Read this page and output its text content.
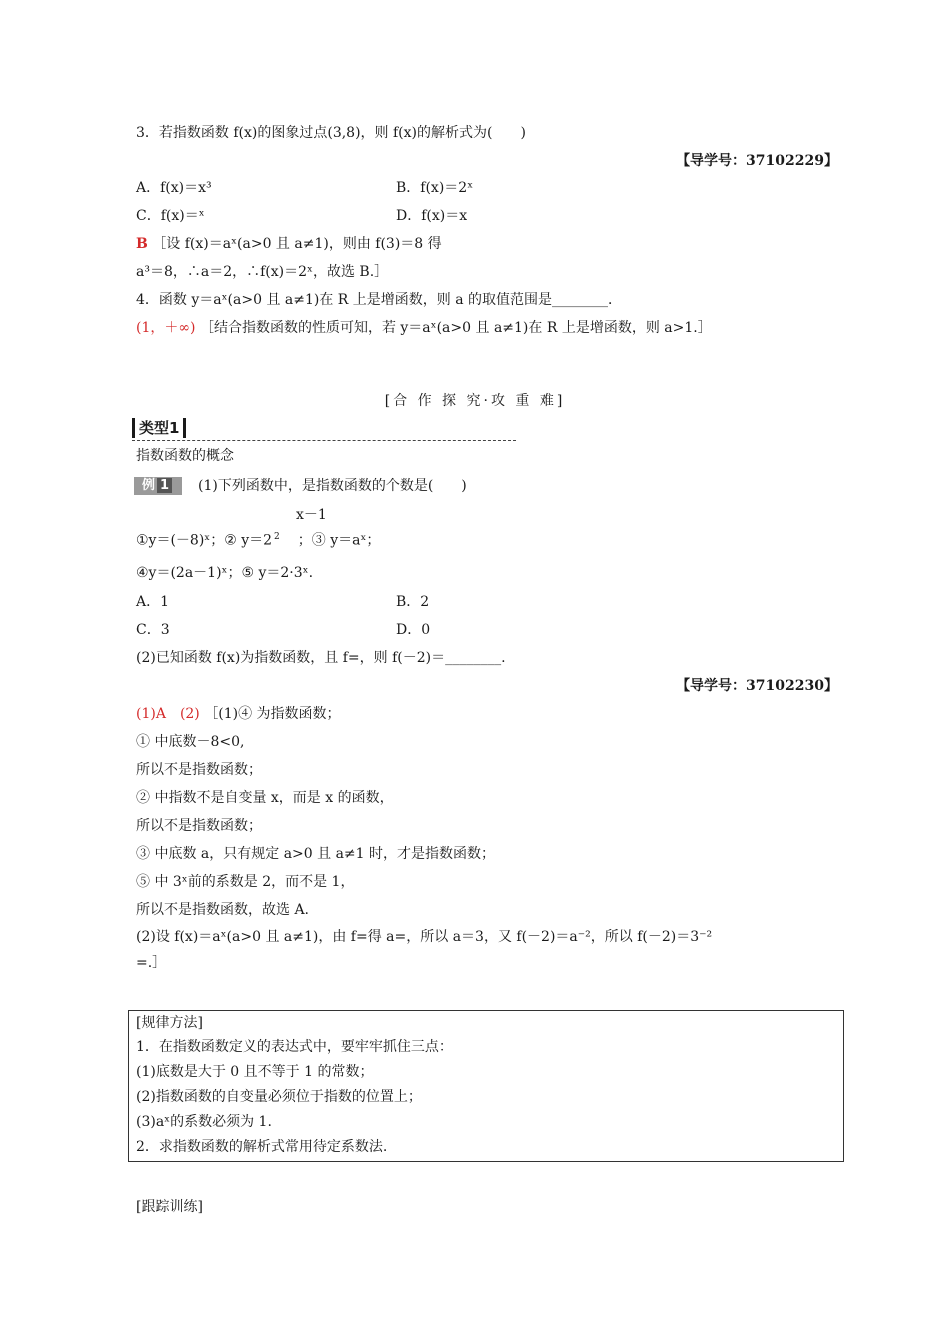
3．若指数函数 f(x)的图象过点(3,8)，则 f(x)的解析式为(　　)
【导学号：37102229】
A．f(x)＝x³	B．f(x)＝2ˣ
C．f(x)＝ˣ	D．f(x)＝x
B ［设 f(x)＝aˣ(a>0 且 a≠1)，则由 f(3)＝8 得
a³＝8，∴a＝2，∴f(x)＝2ˣ，故选 B.］
4．函数 y＝aˣ(a>0 且 a≠1)在 R 上是增函数，则 a 的取值范围是________．
(1，＋∞) ［结合指数函数的性质可知，若 y＝aˣ(a>0 且 a≠1)在 R 上是增函数，则 a>1.］
[合 作 探 究·攻 重 难]
类型1
指数函数的概念
例 1	(1)下列函数中，是指数函数的个数是(　　)
x－1
①y＝(－8)ˣ；② y＝2 $^2$ ；③ y＝aˣ；
④y＝(2a－1)ˣ；⑤ y＝2·3ˣ.
A．1	B．2
C．3	D．0
(2)已知函数 f(x)为指数函数，且 f=，则 f(－2)＝________.
【导学号：37102230】
(1)A　(2) ［(1)④ 为指数函数；
① 中底数－8<0,
所以不是指数函数；
② 中指数不是自变量 x，而是 x 的函数，
所以不是指数函数；
③ 中底数 a，只有规定 a>0 且 a≠1 时，才是指数函数；
⑤ 中 3ˣ前的系数是 2，而不是 1，
所以不是指数函数，故选 A.
(2)设 f(x)＝aˣ(a>0 且 a≠1)，由 f=得 a=，所以 a＝3，又 f(－2)＝a⁻²，所以 f(－2)＝3⁻²
=.］
[规律方法]
1．在指数函数定义的表达式中，要牢牢抓住三点：
(1)底数是大于 0 且不等于 1 的常数；
(2)指数函数的自变量必须位于指数的位置上；
(3)aˣ的系数必须为 1.
[跟踪训练]
2．求指数函数的解析式常用待定系数法.
